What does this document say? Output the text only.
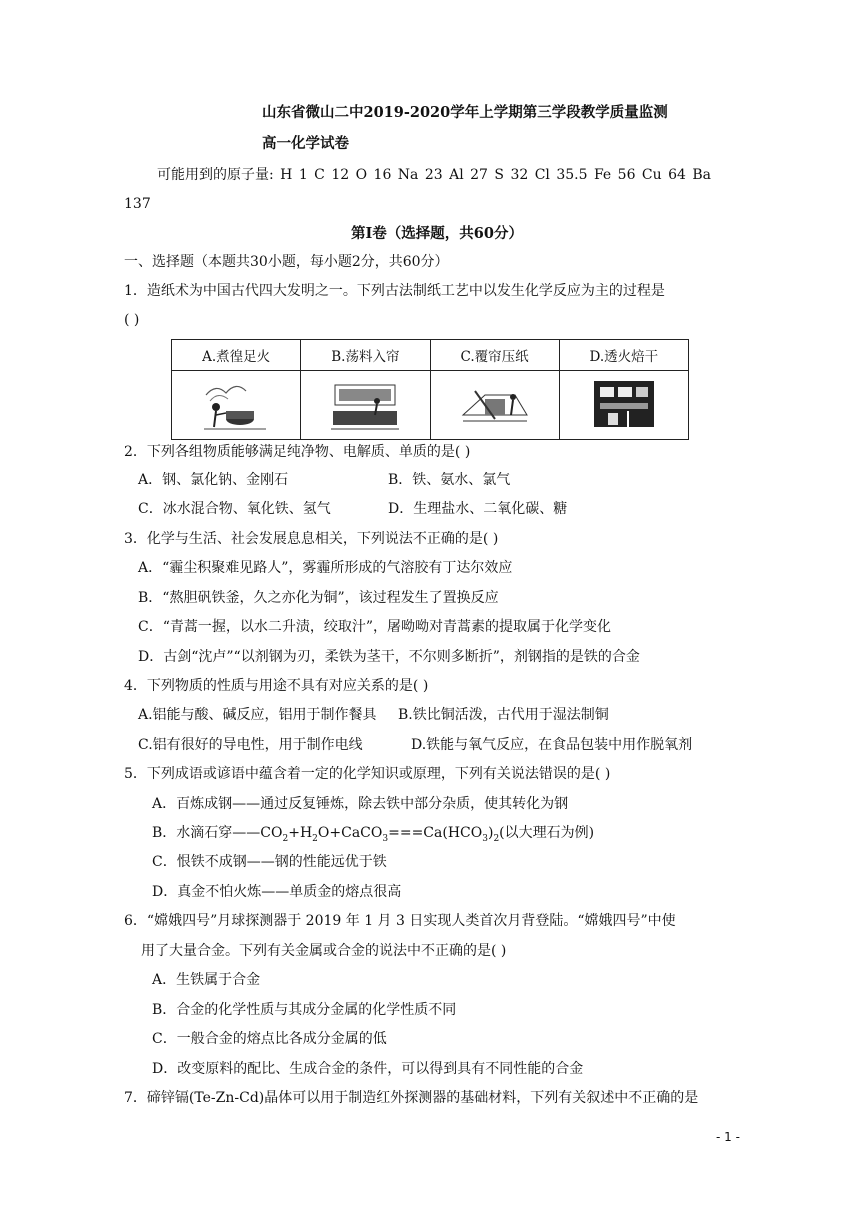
山东省微山二中2019-2020学年上学期第三学段教学质量监测
高一化学试卷
可能用到的原子量: H 1 C 12 O 16 Na 23 Al 27 S 32 Cl 35.5 Fe 56 Cu 64 Ba
137
第Ⅰ卷（选择题，共60分）
一、选择题（本题共30小题，每小题2分，共60分）
1．造纸术为中国古代四大发明之一。下列古法制纸工艺中以发生化学反应为主的过程是
( )
A.煮徨足火	B.荡料入帘	C.覆帘压纸	D.透火焙干

2．下列各组物质能够满足纯净物、电解质、单质的是( )
A．钢、氯化钠、金刚石	B．铁、氨水、氯气
C．冰水混合物、氧化铁、氢气	D．生理盐水、二氧化碳、糖
3．化学与生活、社会发展息息相关，下列说法不正确的是( )
A．“霾尘积聚难见路人”，雾霾所形成的气溶胶有丁达尔效应
B．“熬胆矾铁釜，久之亦化为铜”，该过程发生了置换反应
C．“青蒿一握，以水二升渍，绞取汁”，屠呦呦对青蒿素的提取属于化学变化
D．古剑“沈卢”“以剂钢为刃，柔铁为茎干，不尔则多断折”，剂钢指的是铁的合金
4．下列物质的性质与用途不具有对应关系的是( )
A.铝能与酸、碱反应，铝用于制作餐具 B.铁比铜活泼，古代用于湿法制铜
C.铝有很好的导电性，用于制作电线	D.铁能与氧气反应，在食品包装中用作脱氧剂
5．下列成语或谚语中蕴含着一定的化学知识或原理，下列有关说法错误的是( )
A．百炼成钢——通过反复锤炼，除去铁中部分杂质，使其转化为钢
B．水滴石穿$——CO_2+H_2O+CaCO_3===Ca(HCO_3)_2$(以大理石为例)
C．恨铁不成钢——钢的性能远优于铁
D．真金不怕火炼——单质金的熔点很高
6．“嫦娥四号”月球探测器于 2019 年 1 月 3 日实现人类首次月背登陆。“嫦娥四号”中使
用了大量合金。下列有关金属或合金的说法中不正确的是( )
A．生铁属于合金
B．合金的化学性质与其成分金属的化学性质不同
C．一般合金的熔点比各成分金属的低
D．改变原料的配比、生成合金的条件，可以得到具有不同性能的合金
7．碲锌镉(Te-Zn-Cd)晶体可以用于制造红外探测器的基础材料，下列有关叙述中不正确的是
- 1 -
